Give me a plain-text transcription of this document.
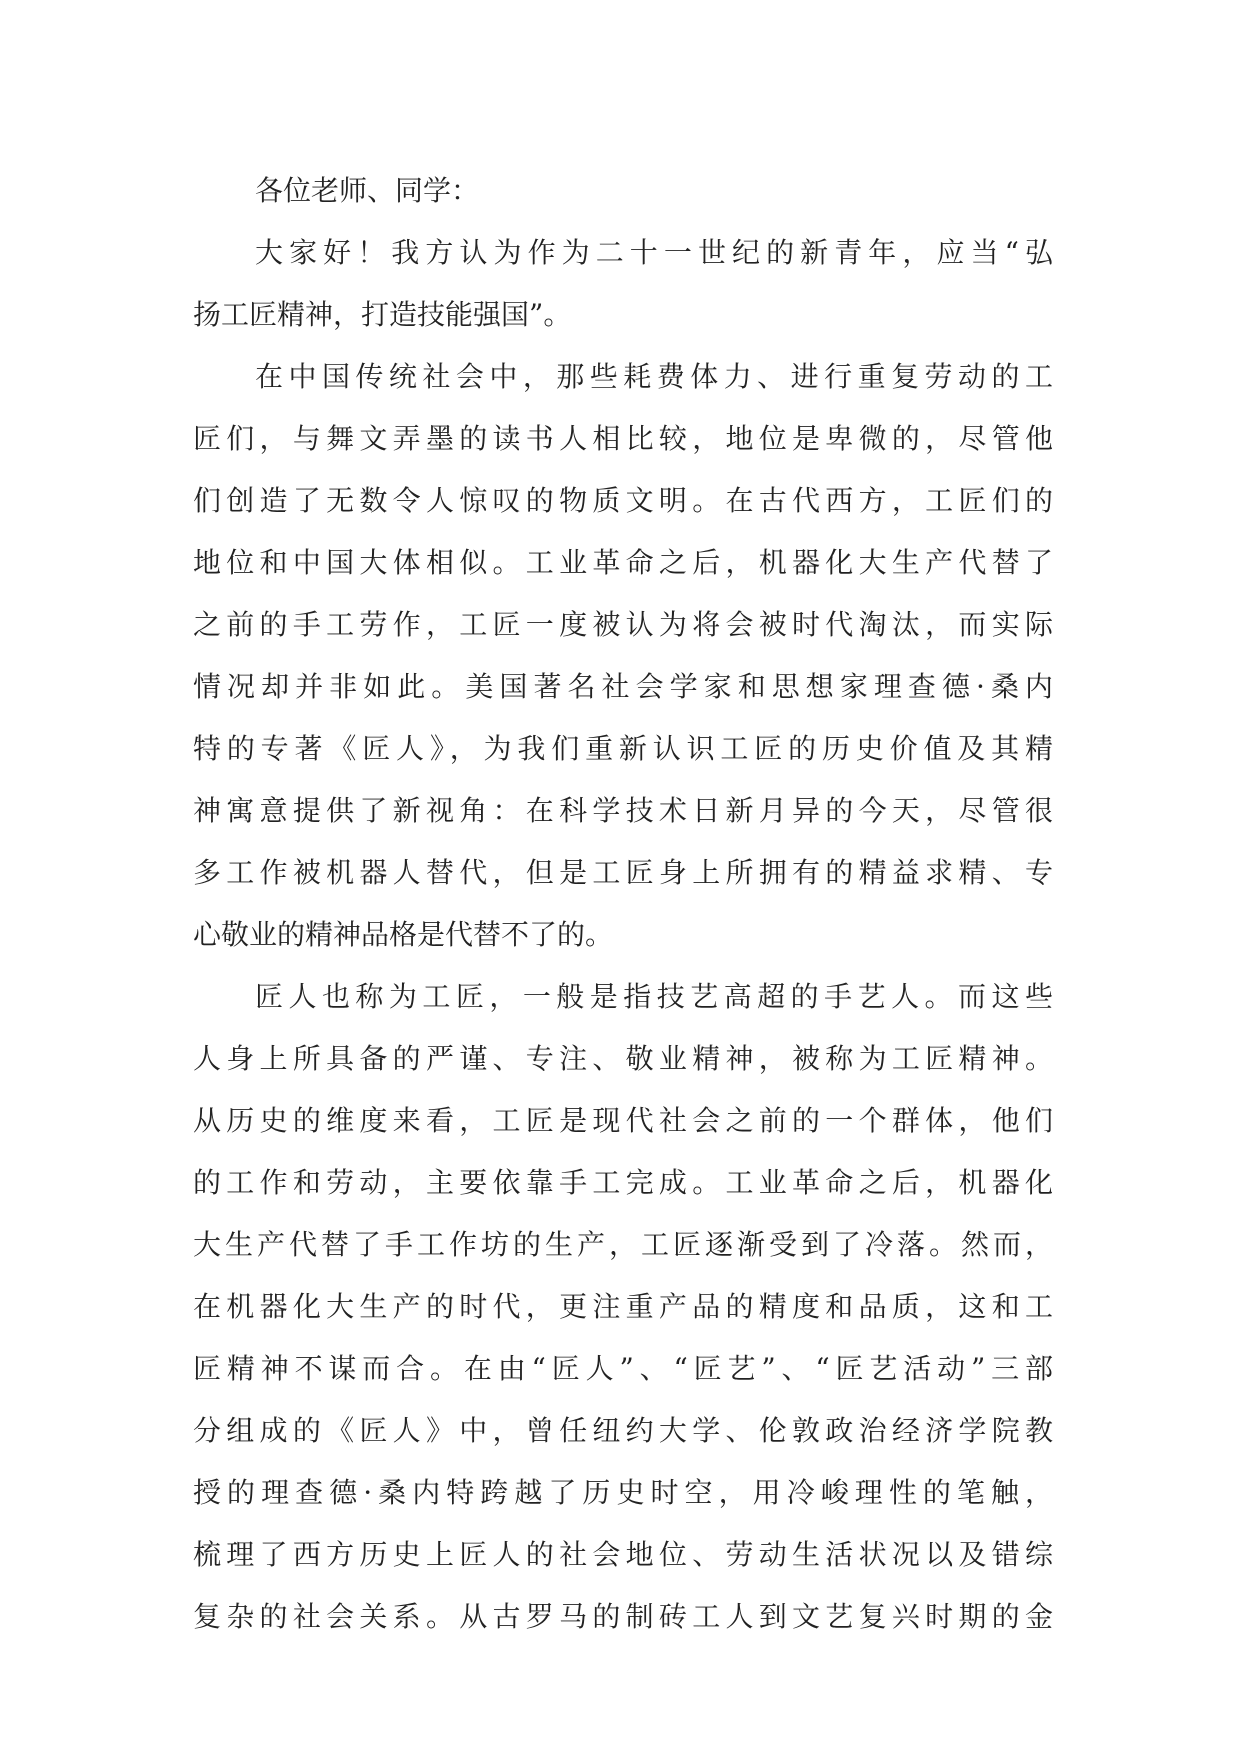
各位老师、同学：
大家好！我方认为作为二十一世纪的新青年，应当“弘
扬工匠精神，打造技能强国”。
在中国传统社会中，那些耗费体力、进行重复劳动的工
匠们，与舞文弄墨的读书人相比较，地位是卑微的，尽管他
们创造了无数令人惊叹的物质文明。在古代西方，工匠们的
地位和中国大体相似。工业革命之后，机器化大生产代替了
之前的手工劳作，工匠一度被认为将会被时代淘汰，而实际
情况却并非如此。美国著名社会学家和思想家理查德·桑内
特的专著《匠人》，为我们重新认识工匠的历史价值及其精
神寓意提供了新视角：在科学技术日新月异的今天，尽管很
多工作被机器人替代，但是工匠身上所拥有的精益求精、专
心敬业的精神品格是代替不了的。
匠人也称为工匠，一般是指技艺高超的手艺人。而这些
人身上所具备的严谨、专注、敬业精神，被称为工匠精神。
从历史的维度来看，工匠是现代社会之前的一个群体，他们
的工作和劳动，主要依靠手工完成。工业革命之后，机器化
大生产代替了手工作坊的生产，工匠逐渐受到了冷落。然而，
在机器化大生产的时代，更注重产品的精度和品质，这和工
匠精神不谋而合。在由“匠人”、“匠艺”、“匠艺活动”三部
分组成的《匠人》中，曾任纽约大学、伦敦政治经济学院教
授的理查德·桑内特跨越了历史时空，用冷峻理性的笔触，
梳理了西方历史上匠人的社会地位、劳动生活状况以及错综
复杂的社会关系。从古罗马的制砖工人到文艺复兴时期的金
